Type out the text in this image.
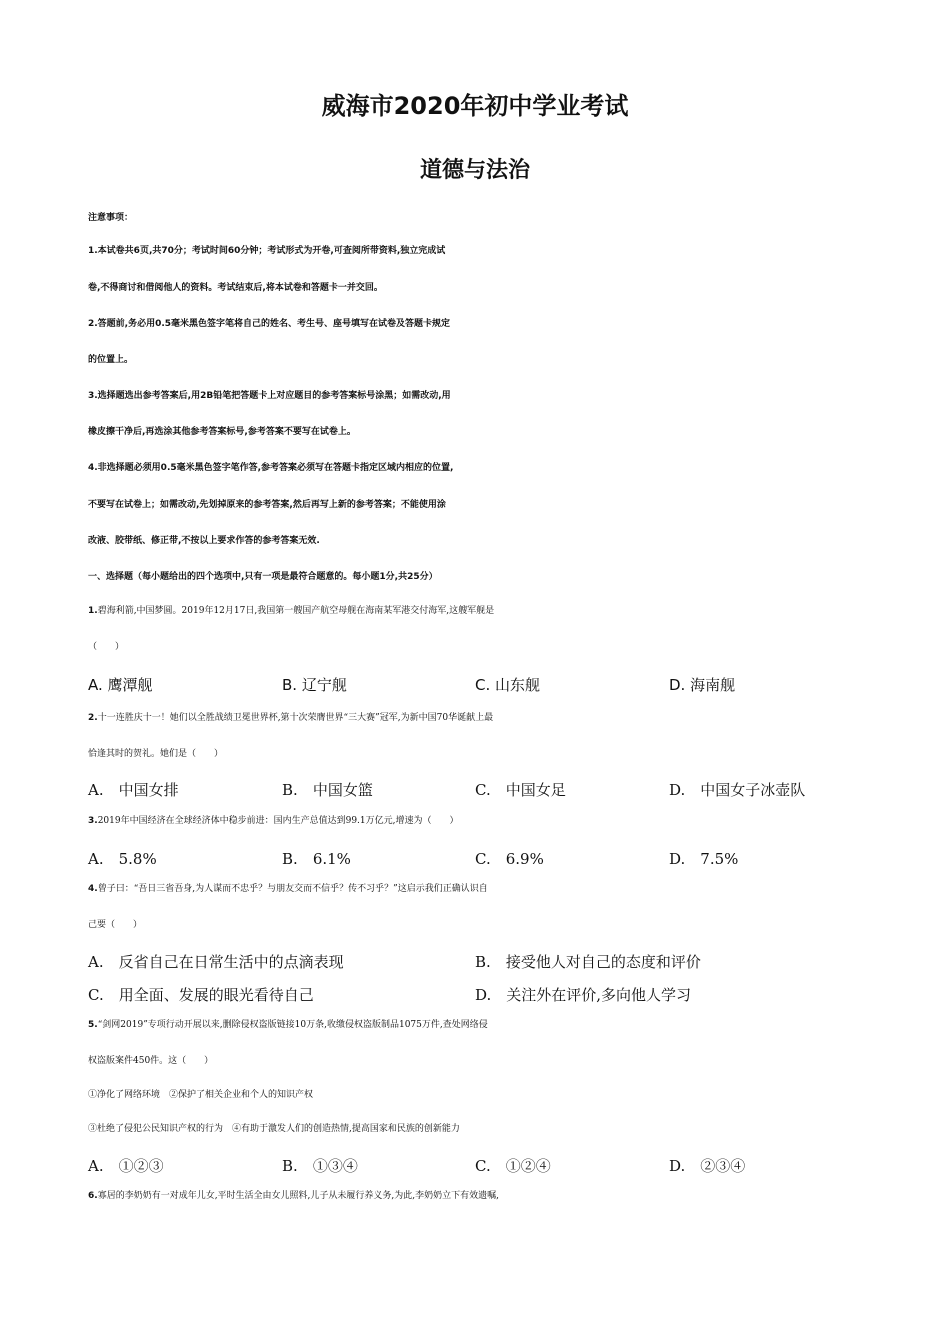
威海市2020年初中学业考试
道德与法治
注意事项：
1.本试卷共6页,共70分；考试时间60分钟；考试形式为开卷,可查阅所带资料,独立完成试
卷,不得商讨和借阅他人的资料。考试结束后,将本试卷和答题卡一并交回。
2.答题前,务必用0.5毫米黑色签字笔将自己的姓名、考生号、座号填写在试卷及答题卡规定
的位置上。
3.选择题选出参考答案后,用2B铅笔把答题卡上对应题目的参考答案标号涂黑；如需改动,用
橡皮擦干净后,再选涂其他参考答案标号,参考答案不要写在试卷上。
4.非选择题必须用0.5毫米黑色签字笔作答,参考答案必须写在答题卡指定区域内相应的位置,
不要写在试卷上；如需改动,先划掉原来的参考答案,然后再写上新的参考答案；不能使用涂
改液、胶带纸、修正带,不按以上要求作答的参考答案无效.
一、选择题（每小题给出的四个选项中,只有一项是最符合题意的。每小题1分,共25分）
1.碧海利箭,中国梦圆。2019年12月17日,我国第一艘国产航空母舰在海南某军港交付海军,这艘军舰是
（　　）
A. 鹰潭舰	B. 辽宁舰	C. 山东舰	D. 海南舰
2.十一连胜庆十一！她们以全胜战绩卫冕世界杯,第十次荣膺世界“三大赛”冠军,为新中国70华诞献上最
恰逢其时的贺礼。她们是（　　）
A.　 中国女排	B.　 中国女篮	C.　 中国女足	D.　 中国女子冰壶队
3.2019年中国经济在全球经济体中稳步前进：国内生产总值达到99.1万亿元,增速为（　　）
A.　 5.8%	B.　 6.1%	C.　 6.9%	D.　 7.5%
4.曾子曰：“吾日三省吾身,为人谋而不忠乎？与朋友交而不信乎？传不习乎？”这启示我们正确认识自
己要（　　）
A.　 反省自己在日常生活中的点滴表现	B.　 接受他人对自己的态度和评价
C.　 用全面、发展的眼光看待自己	D.　 关注外在评价,多向他人学习
5.“剑网2019”专项行动开展以来,删除侵权盗版链接10万条,收缴侵权盗版制品1075万件,查处网络侵
权盗版案件450件。这（　　）
①净化了网络环境　②保护了相关企业和个人的知识产权
③杜绝了侵犯公民知识产权的行为　④有助于激发人们的创造热情,提高国家和民族的创新能力
A.　 ①②③	B.　 ①③④	C.　 ①②④	D.　 ②③④
6.寡居的李奶奶有一对成年儿女,平时生活全由女儿照料,儿子从未履行养义务,为此,李奶奶立下有效遗嘱,
